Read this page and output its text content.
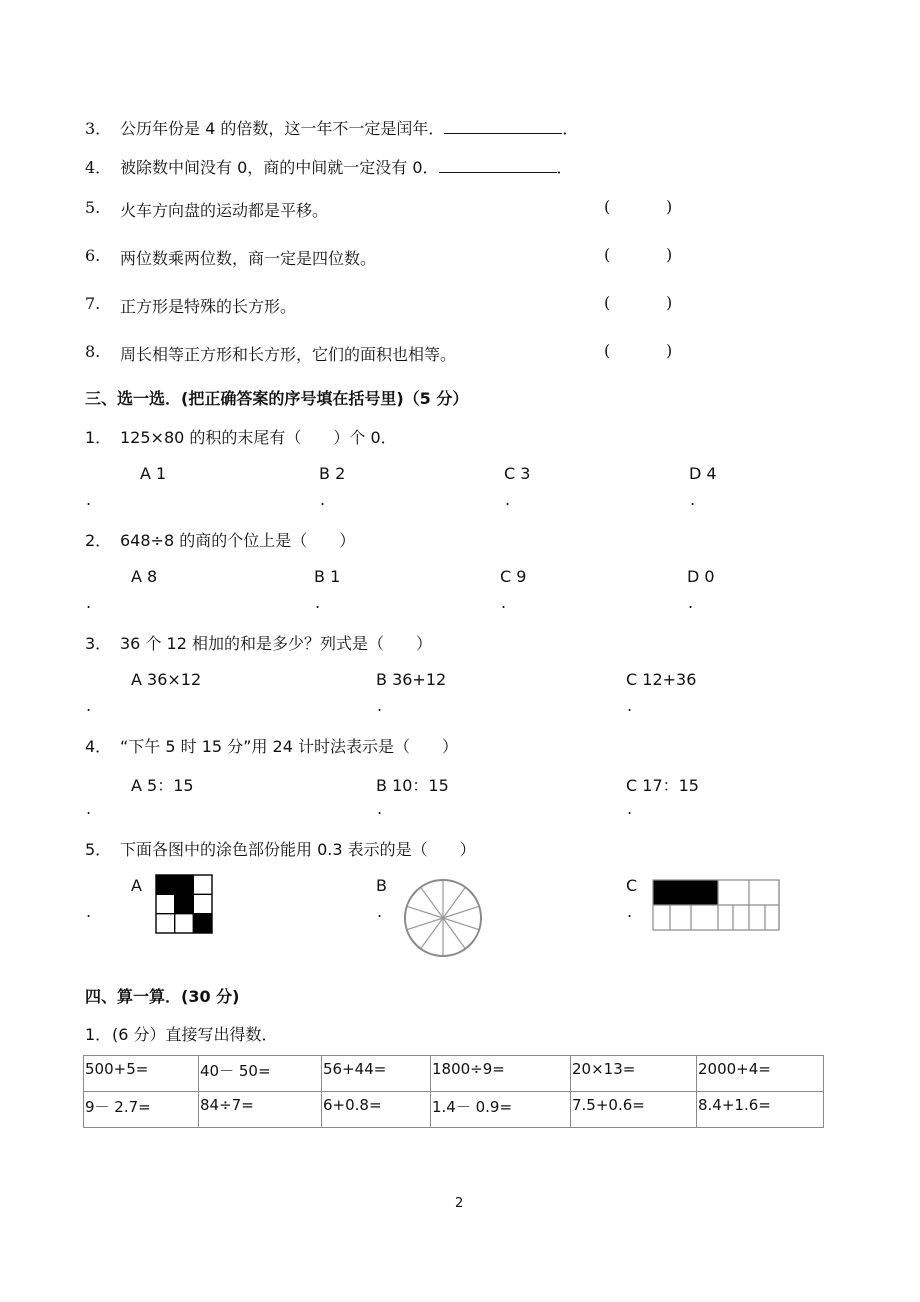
3． 公历年份是 4 的倍数，这一年不一定是闰年．	．
4． 被除数中间没有 0，商的中间就一定没有 0．	．
5. 火车方向盘的运动都是平移。	(	)
6. 两位数乘两位数，商一定是四位数。	(	)
7. 正方形是特殊的长方形。	(	)
8. 周长相等正方形和长方形，它们的面积也相等。	(	)
三、选一选．(把正确答案的序号填在括号里)（5 分）
1． 125×80 的积的末尾有（　　）个 0．
A 1	B 2	C 3	D 4
.	.	.	.
2． 648÷8 的商的个位上是（　　）
A 8	B 1	C 9	D 0
.	.	.	.
3． 36 个 12 相加的和是多少？列式是（　　）
A 36×12	B 36+12	C 12+36
.	.	.
4． “下午 5 时 15 分”用 24 计时法表示是（　　）
A 5：15	B 10：15	C 17：15
.	.	.
5． 下面各图中的涂色部份能用 0.3 表示的是（　　）
A	B	C
.	.	.
四、算一算．(30 分)
1． (6 分）直接写出得数．
500+5=	40－ 50=	56+44=	1800÷9=	20×13=	2000+4=
9－ 2.7=	84÷7=	6+0.8=	1.4－ 0.9=	7.5+0.6=	8.4+1.6=
2
